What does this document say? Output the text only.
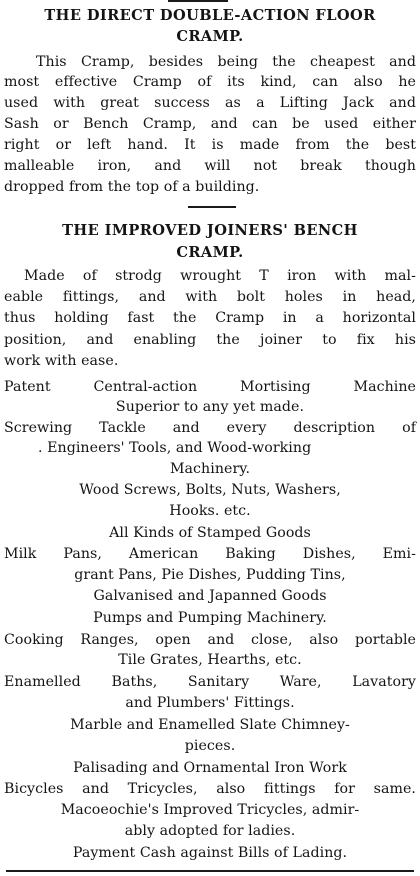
THE DIRECT DOUBLE-ACTION FLOOR
CRAMP.
This Cramp, besides being the cheapest and
most effective Cramp of its kind, can also he
used with great success as a Lifting Jack and
Sash or Bench Cramp, and can be used either
right or left hand. It is made from the best
malleable iron, and will not break though
dropped from the top of a building.
THE IMPROVED JOINERS' BENCH
CRAMP.
Made of strodg wrought T iron with mal-
eable fittings, and with bolt holes in head,
thus holding fast the Cramp in a horizontal
position, and enabling the joiner to fix his
work with ease.
Patent Central-action Mortising Machine
Superior to any yet made.
Screwing Tackle and every description of
. Engineers' Tools, and Wood-working
Machinery.
Wood Screws, Bolts, Nuts, Washers,
Hooks. etc.
All Kinds of Stamped Goods
Milk Pans, American Baking Dishes, Emi-
grant Pans, Pie Dishes, Pudding Tins,
Galvanised and Japanned Goods
Pumps and Pumping Machinery.
Cooking Ranges, open and close, also portable
Tile Grates, Hearths, etc.
Enamelled Baths, Sanitary Ware, Lavatory
and Plumbers' Fittings.
Marble and Enamelled Slate Chimney-
pieces.
Palisading and Ornamental Iron Work
Bicycles and Tricycles, also fittings for same.
Macoeochie's Improved Tricycles, admir-
ably adopted for ladies.
Payment Cash against Bills of Lading.
